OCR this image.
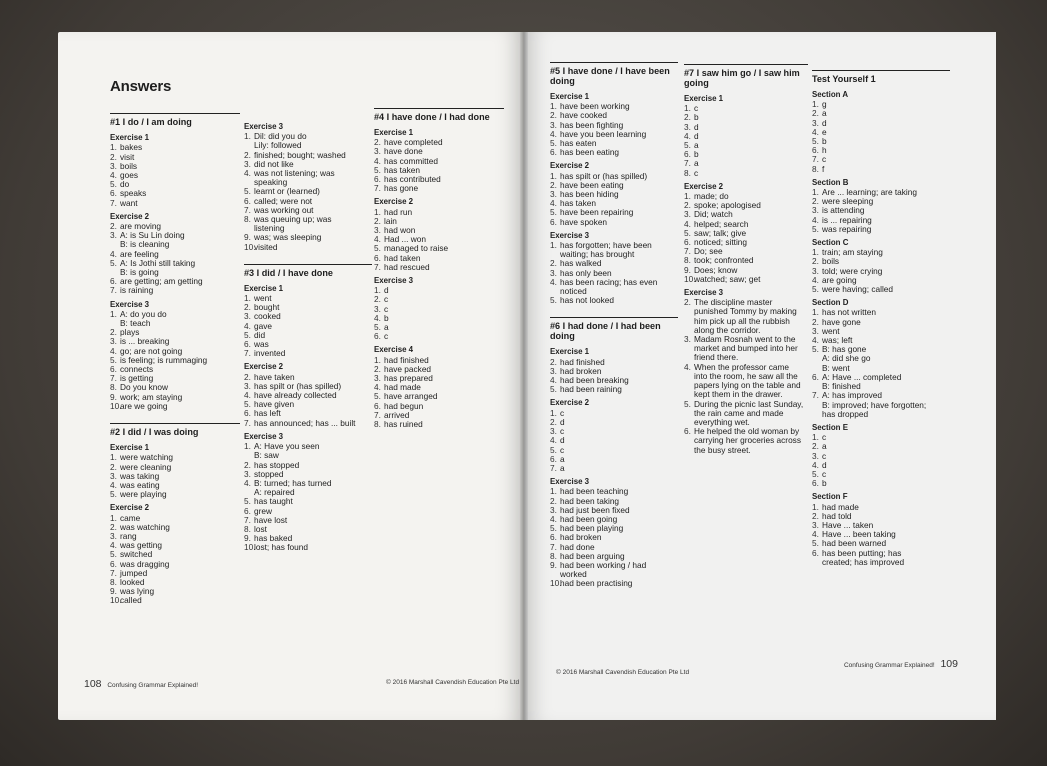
Answers
#1 I do / I am doing
Exercise 1
1. bakes
2. visit
3. boils
4. goes
5. do
6. speaks
7. want
Exercise 2
2. are moving
3. A: is Su Lin doing
B: is cleaning
4. are feeling
5. A: Is Jothi still taking
B: is going
6. are getting; am getting
7. is raining
Exercise 3
1. A: do you do
B: teach
2. plays
3. is ... breaking
4. go; are not going
5. is feeling; is rummaging
6. connects
7. is getting
8. Do you know
9. work; am staying
10.
are we going
#2 I did / I was doing
Exercise 1
1. were watching
2. were cleaning
3. was taking
4. was eating
5. were playing
Exercise 2
1. came
2. was watching
3. rang
4. was getting
5. switched
6. was dragging
7. jumped
8. looked
9. was lying
10.
called
Exercise 3
1. Dil: did you do
Lily: followed
2. finished; bought; washed
3. did not like
4. was not listening; was
speaking
5. learnt or (learned)
6. called; were not
7. was working out
8. was queuing up; was
listening
9. was; was sleeping
10.
visited
#3 I did / I have done
Exercise 1
1. went
2. bought
3. cooked
4. gave
5. did
6. was
7. invented
Exercise 2
2. have taken
3. has spilt or (has spilled)
4. have already collected
5. have given
6. has left
7. has announced; has ... built
Exercise 3
1. A: Have you seen
B: saw
2. has stopped
3. stopped
4. B: turned; has turned
A: repaired
5. has taught
6. grew
7. have lost
8. lost
9. has baked
10.
lost; has found
#4 I have done / I had done
Exercise 1
2. have completed
3. have done
4. has committed
5. has taken
6. has contributed
7. has gone
Exercise 2
1. had run
2. lain
3. had won
4. Had ... won
5. managed to raise
6. had taken
7. had rescued
Exercise 3
1. d
2. c
3. c
4. b
5. a
6. c
Exercise 4
1. had finished
2. have packed
3. has prepared
4. had made
5. have arranged
6. had begun
7. arrived
8. has ruined
108 Confusing Grammar Explained!	© 2016 Marshall Cavendish Education Pte Ltd
#5 I have done / I have been doing
Exercise 1
1. have been working
2. have cooked
3. has been fighting
4. have you been learning
5. has eaten
6. has been eating
Exercise 2
1. has spilt or (has spilled)
2. have been eating
3. has been hiding
4. has taken
5. have been repairing
6. have spoken
Exercise 3
1. has forgotten; have been
waiting; has brought
2. has walked
3. has only been
4. has been racing; has even
noticed
5. has not looked
#6 I had done / I had been doing
Exercise 1
2. had finished
3. had broken
4. had been breaking
5. had been raining
Exercise 2
1. c
2. d
3. c
4. d
5. c
6. a
7. a
Exercise 3
1. had been teaching
2. had been taking
3. had just been fixed
4. had been going
5. had been playing
6. had broken
7. had done
8. had been arguing
9. had been working / had
worked
10.
had been practising
#7 I saw him go / I saw him going
Exercise 1
1. c
2. b
3. d
4. d
5. a
6. b
7. a
8. c
Exercise 2
1. made; do
2. spoke; apologised
3. Did; watch
4. helped; search
5. saw; talk; give
6. noticed; sitting
7. Do; see
8. took; confronted
9. Does; know
10.
watched; saw; get
Exercise 3
2. The discipline master
punished Tommy by making
him pick up all the rubbish
along the corridor.
3. Madam Rosnah went to the
market and bumped into her
friend there.
4. When the professor came
into the room, he saw all the
papers lying on the table and
kept them in the drawer.
5. During the picnic last Sunday,
the rain came and made
everything wet.
6. He helped the old woman by
carrying her groceries across
the busy street.
Test Yourself 1
Section A
1. g
2. a
3. d
4. e
5. b
6. h
7. c
8. f
Section B
1. Are ... learning; are taking
2. were sleeping
3. is attending
4. is ... repairing
5. was repairing
Section C
1. train; am staying
2. boils
3. told; were crying
4. are going
5. were having; called
Section D
1. has not written
2. have gone
3. went
4. was; left
5. B: has gone
A: did she go
B: went
6. A: Have ... completed
B: finished
7. A: has improved
B: improved; have forgotten;
has dropped
Section E
1. c
2. a
3. c
4. d
5. c
6. b
Section F
1. had made
2. had told
3. Have ... taken
4. Have ... been taking
5. had been warned
6. has been putting; has
created; has improved
© 2016 Marshall Cavendish Education Pte Ltd
Confusing Grammar Explained! 109
